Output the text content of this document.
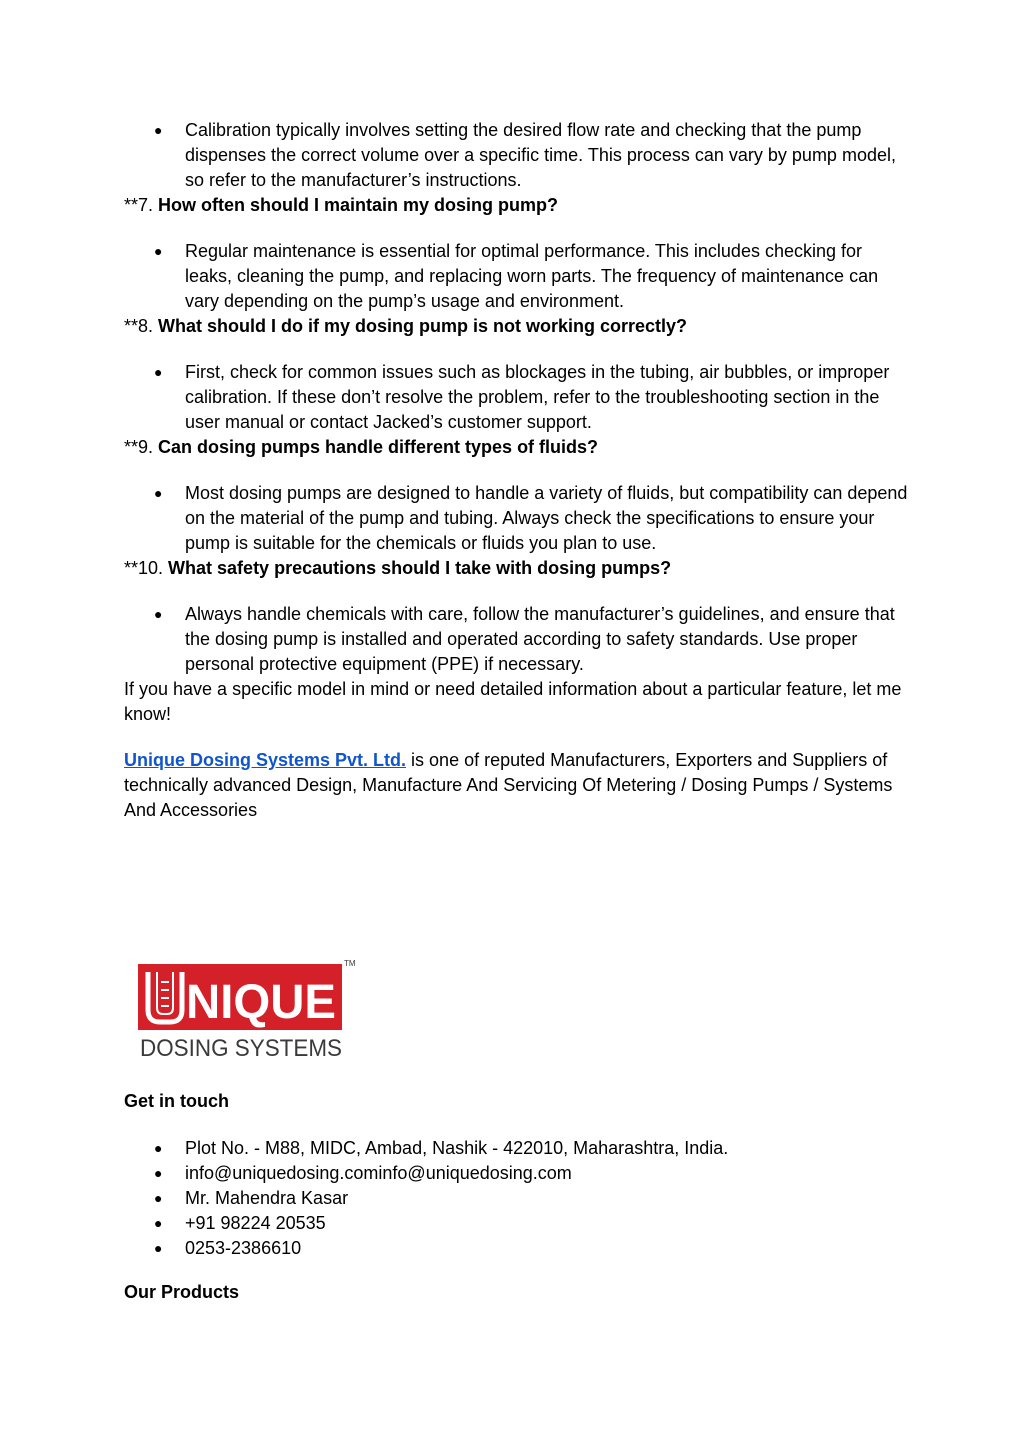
● Calibration typically involves setting the desired flow rate and checking that the pump dispenses the correct volume over a specific time. This process can vary by pump model, so refer to the manufacturer’s instructions.

**7. How often should I maintain my dosing pump?

● Regular maintenance is essential for optimal performance. This includes checking for leaks, cleaning the pump, and replacing worn parts. The frequency of maintenance can vary depending on the pump’s usage and environment.

**8. What should I do if my dosing pump is not working correctly?

● First, check for common issues such as blockages in the tubing, air bubbles, or improper calibration. If these don’t resolve the problem, refer to the troubleshooting section in the user manual or contact Jacked’s customer support.

**9. Can dosing pumps handle different types of fluids?

● Most dosing pumps are designed to handle a variety of fluids, but compatibility can depend on the material of the pump and tubing. Always check the specifications to ensure your pump is suitable for the chemicals or fluids you plan to use.

**10. What safety precautions should I take with dosing pumps?

● Always handle chemicals with care, follow the manufacturer’s guidelines, and ensure that the dosing pump is installed and operated according to safety standards. Use proper personal protective equipment (PPE) if necessary.

If you have a specific model in mind or need detailed information about a particular feature, let me know!

Unique Dosing Systems Pvt. Ltd. is one of reputed Manufacturers, Exporters and Suppliers of technically advanced Design, Manufacture And Servicing Of Metering / Dosing Pumps / Systems And Accessories

NIQUE
TM
DOSING SYSTEMS
Get in touch
● Plot No. - M88, MIDC, Ambad, Nashik - 422010, Maharashtra, India.
● info@uniquedosing.cominfo@uniquedosing.com
● Mr. Mahendra Kasar
● +91 98224 20535
● 0253-2386610
Our Products
